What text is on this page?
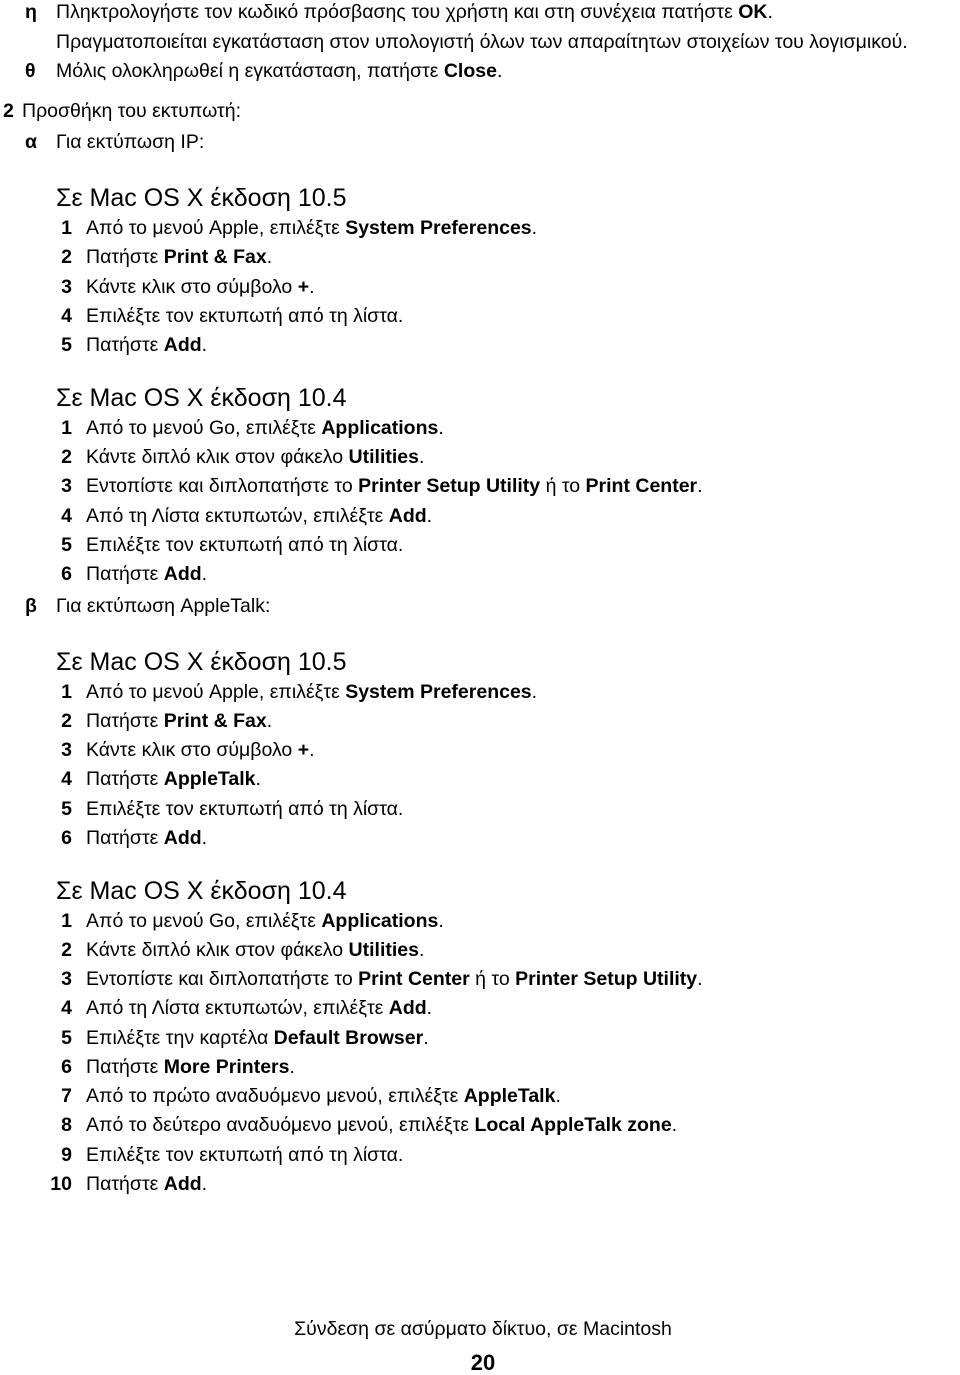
η Πληκτρολογήστε τον κωδικό πρόσβασης του χρήστη και στη συνέχεια πατήστε OK.
Πραγματοποιείται εγκατάσταση στον υπολογιστή όλων των απαραίτητων στοιχείων του λογισμικού.
θ Μόλις ολοκληρωθεί η εγκατάσταση, πατήστε Close.
2 Προσθήκη του εκτυπωτή:
α Για εκτύπωση IP:
Σε Mac OS X έκδοση 10.5
1 Από το μενού Apple, επιλέξτε System Preferences.
2 Πατήστε Print & Fax.
3 Κάντε κλικ στο σύμβολο +.
4 Επιλέξτε τον εκτυπωτή από τη λίστα.
5 Πατήστε Add.
Σε Mac OS X έκδοση 10.4
1 Από το μενού Go, επιλέξτε Applications.
2 Κάντε διπλό κλικ στον φάκελο Utilities.
3 Εντοπίστε και διπλοπατήστε το Printer Setup Utility ή το Print Center.
4 Από τη Λίστα εκτυπωτών, επιλέξτε Add.
5 Επιλέξτε τον εκτυπωτή από τη λίστα.
6 Πατήστε Add.
β Για εκτύπωση AppleTalk:
Σε Mac OS X έκδοση 10.5
1 Από το μενού Apple, επιλέξτε System Preferences.
2 Πατήστε Print & Fax.
3 Κάντε κλικ στο σύμβολο +.
4 Πατήστε AppleTalk.
5 Επιλέξτε τον εκτυπωτή από τη λίστα.
6 Πατήστε Add.
Σε Mac OS X έκδοση 10.4
1 Από το μενού Go, επιλέξτε Applications.
2 Κάντε διπλό κλικ στον φάκελο Utilities.
3 Εντοπίστε και διπλοπατήστε το Print Center ή το Printer Setup Utility.
4 Από τη Λίστα εκτυπωτών, επιλέξτε Add.
5 Επιλέξτε την καρτέλα Default Browser.
6 Πατήστε More Printers.
7 Από το πρώτο αναδυόμενο μενού, επιλέξτε AppleTalk.
8 Από το δεύτερο αναδυόμενο μενού, επιλέξτε Local AppleTalk zone.
9 Επιλέξτε τον εκτυπωτή από τη λίστα.
10 Πατήστε Add.
Σύνδεση σε ασύρματο δίκτυο, σε Macintosh
20
